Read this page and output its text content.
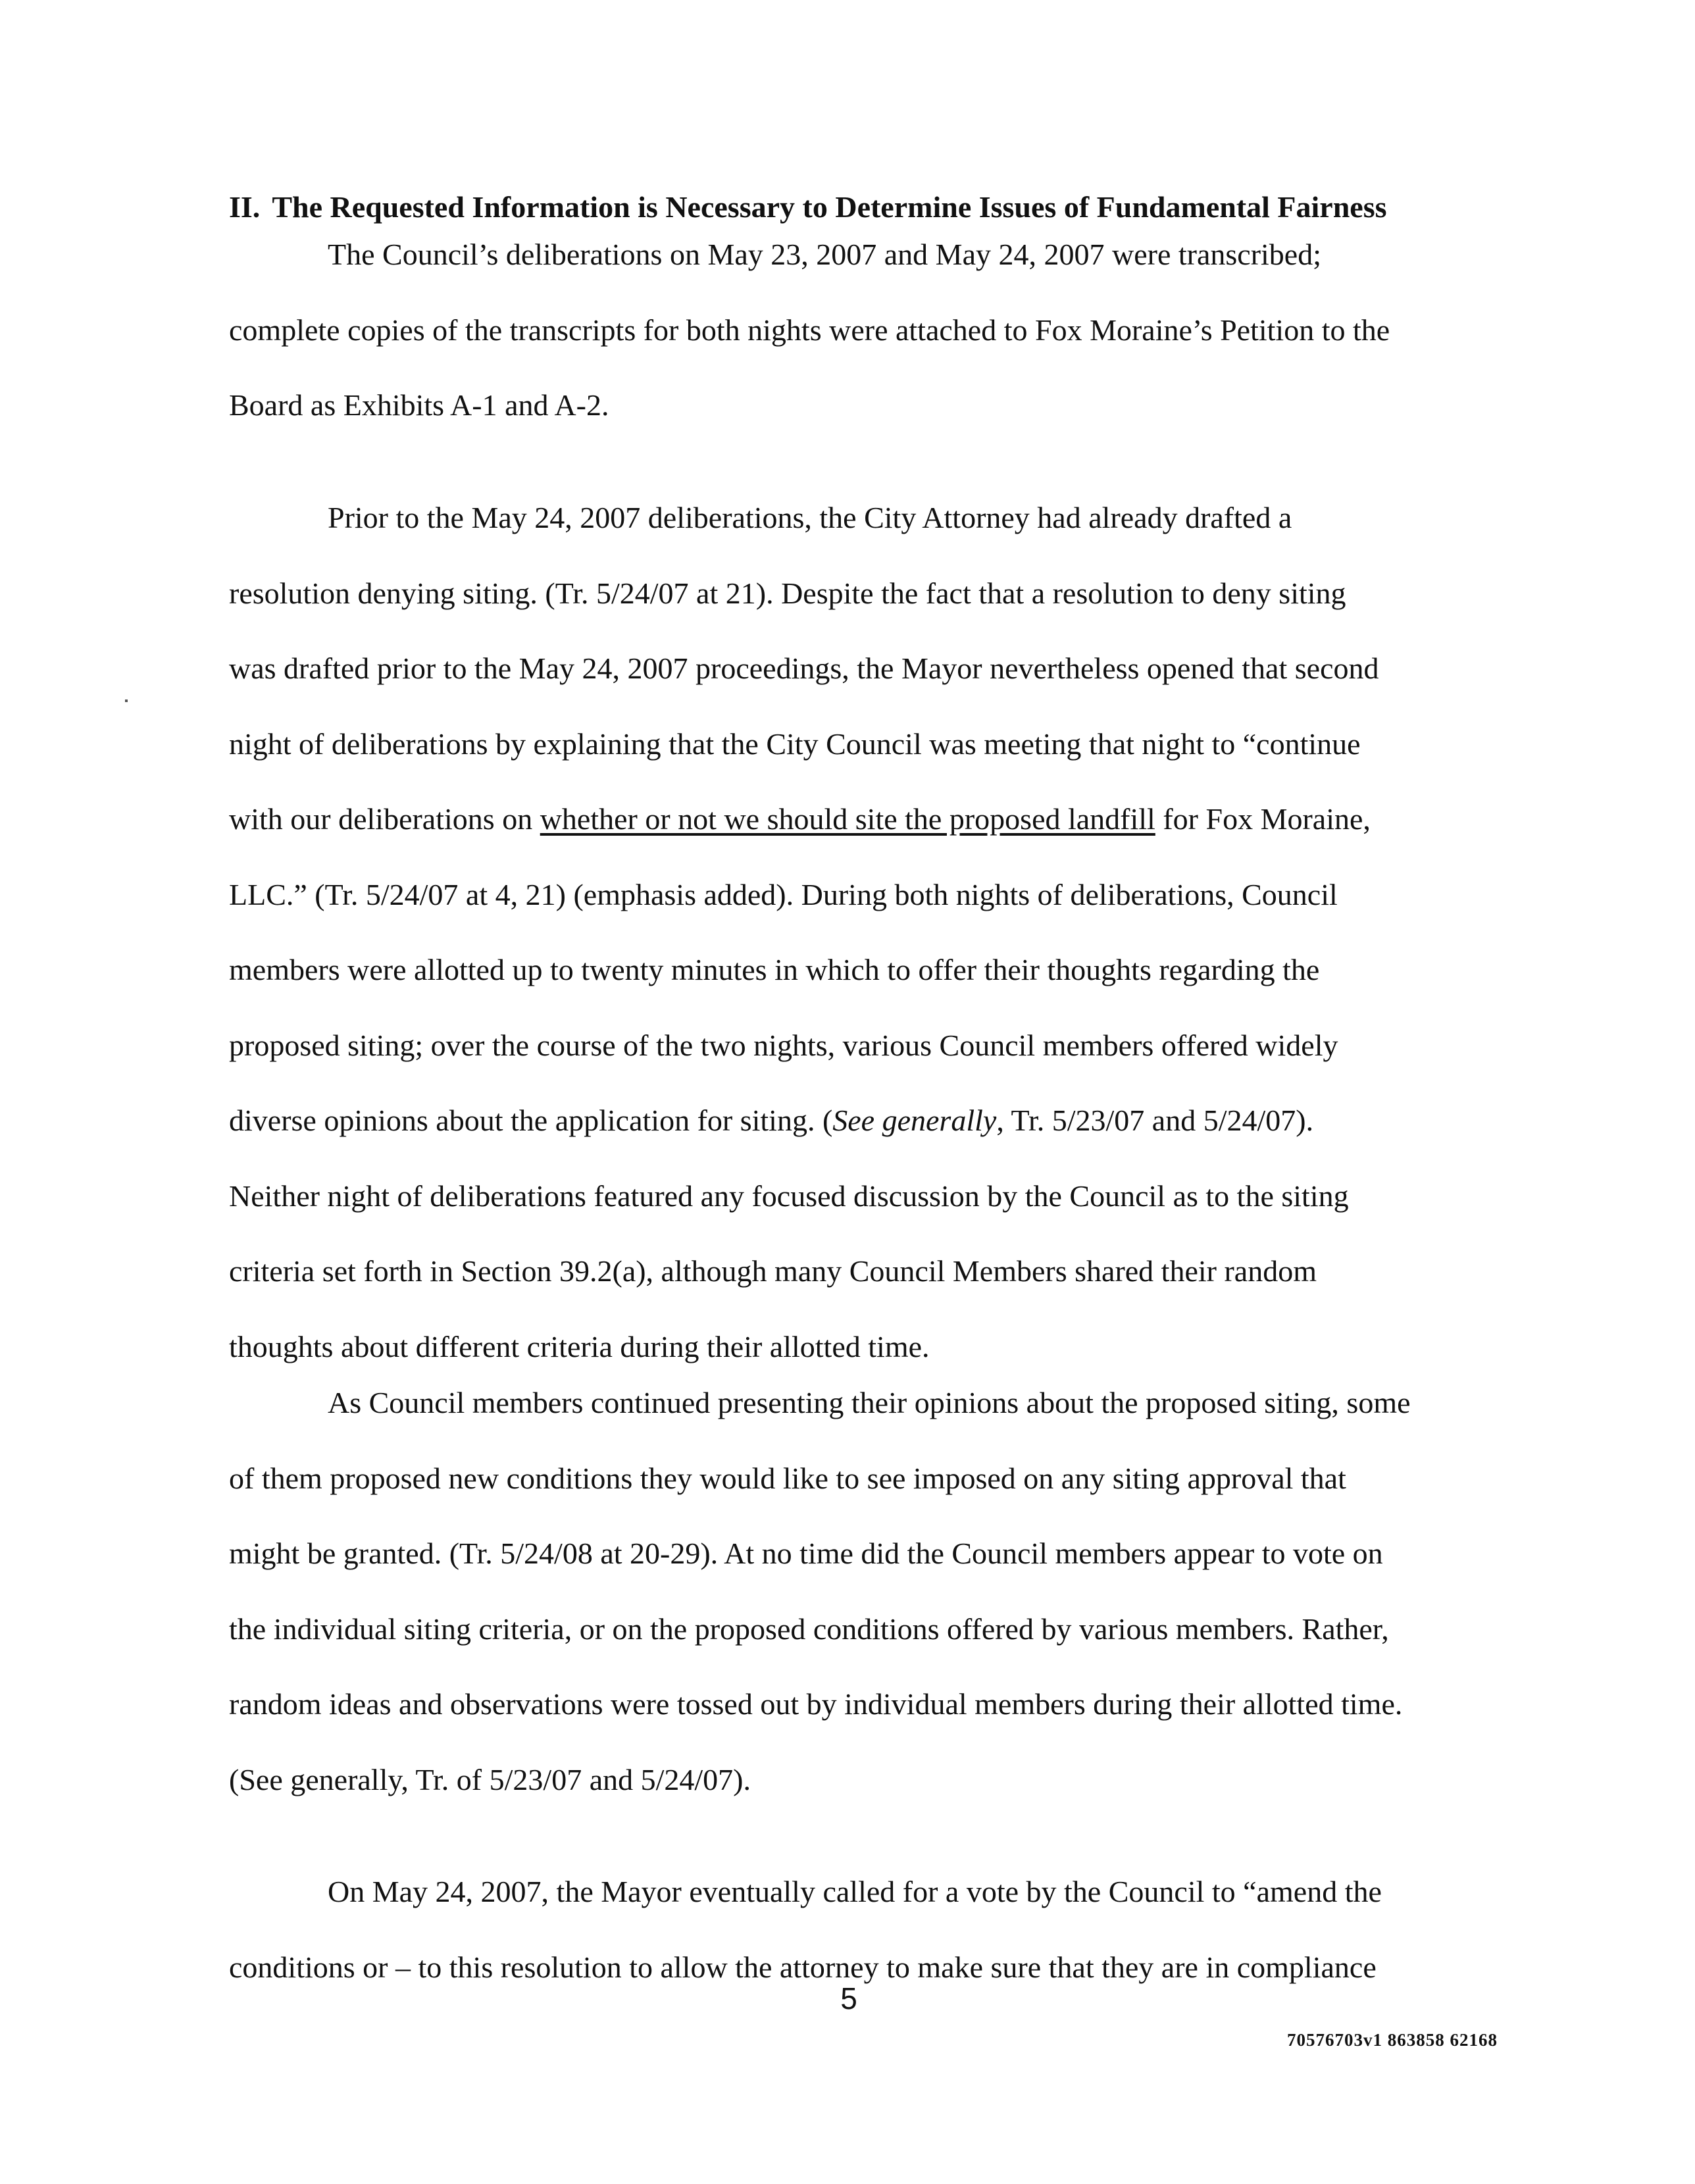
II. The Requested Information is Necessary to Determine Issues of Fundamental Fairness
The Council’s deliberations on May 23, 2007 and May 24, 2007 were transcribed;
complete copies of the transcripts for both nights were attached to Fox Moraine’s Petition to the
Board as Exhibits A-1 and A-2.
Prior to the May 24, 2007 deliberations, the City Attorney had already drafted a
resolution denying siting. (Tr. 5/24/07 at 21). Despite the fact that a resolution to deny siting
was drafted prior to the May 24, 2007 proceedings, the Mayor nevertheless opened that second
night of deliberations by explaining that the City Council was meeting that night to “continue
with our deliberations on whether or not we should site the proposed landfill for Fox Moraine,
LLC.” (Tr. 5/24/07 at 4, 21) (emphasis added). During both nights of deliberations, Council
members were allotted up to twenty minutes in which to offer their thoughts regarding the
proposed siting; over the course of the two nights, various Council members offered widely
diverse opinions about the application for siting. (See generally, Tr. 5/23/07 and 5/24/07).
Neither night of deliberations featured any focused discussion by the Council as to the siting
criteria set forth in Section 39.2(a), although many Council Members shared their random
thoughts about different criteria during their allotted time.
As Council members continued presenting their opinions about the proposed siting, some
of them proposed new conditions they would like to see imposed on any siting approval that
might be granted. (Tr. 5/24/08 at 20-29). At no time did the Council members appear to vote on
the individual siting criteria, or on the proposed conditions offered by various members. Rather,
random ideas and observations were tossed out by individual members during their allotted time.
(See generally, Tr. of 5/23/07 and 5/24/07).
On May 24, 2007, the Mayor eventually called for a vote by the Council to “amend the
conditions or – to this resolution to allow the attorney to make sure that they are in compliance
5
70576703v1 863858 62168
